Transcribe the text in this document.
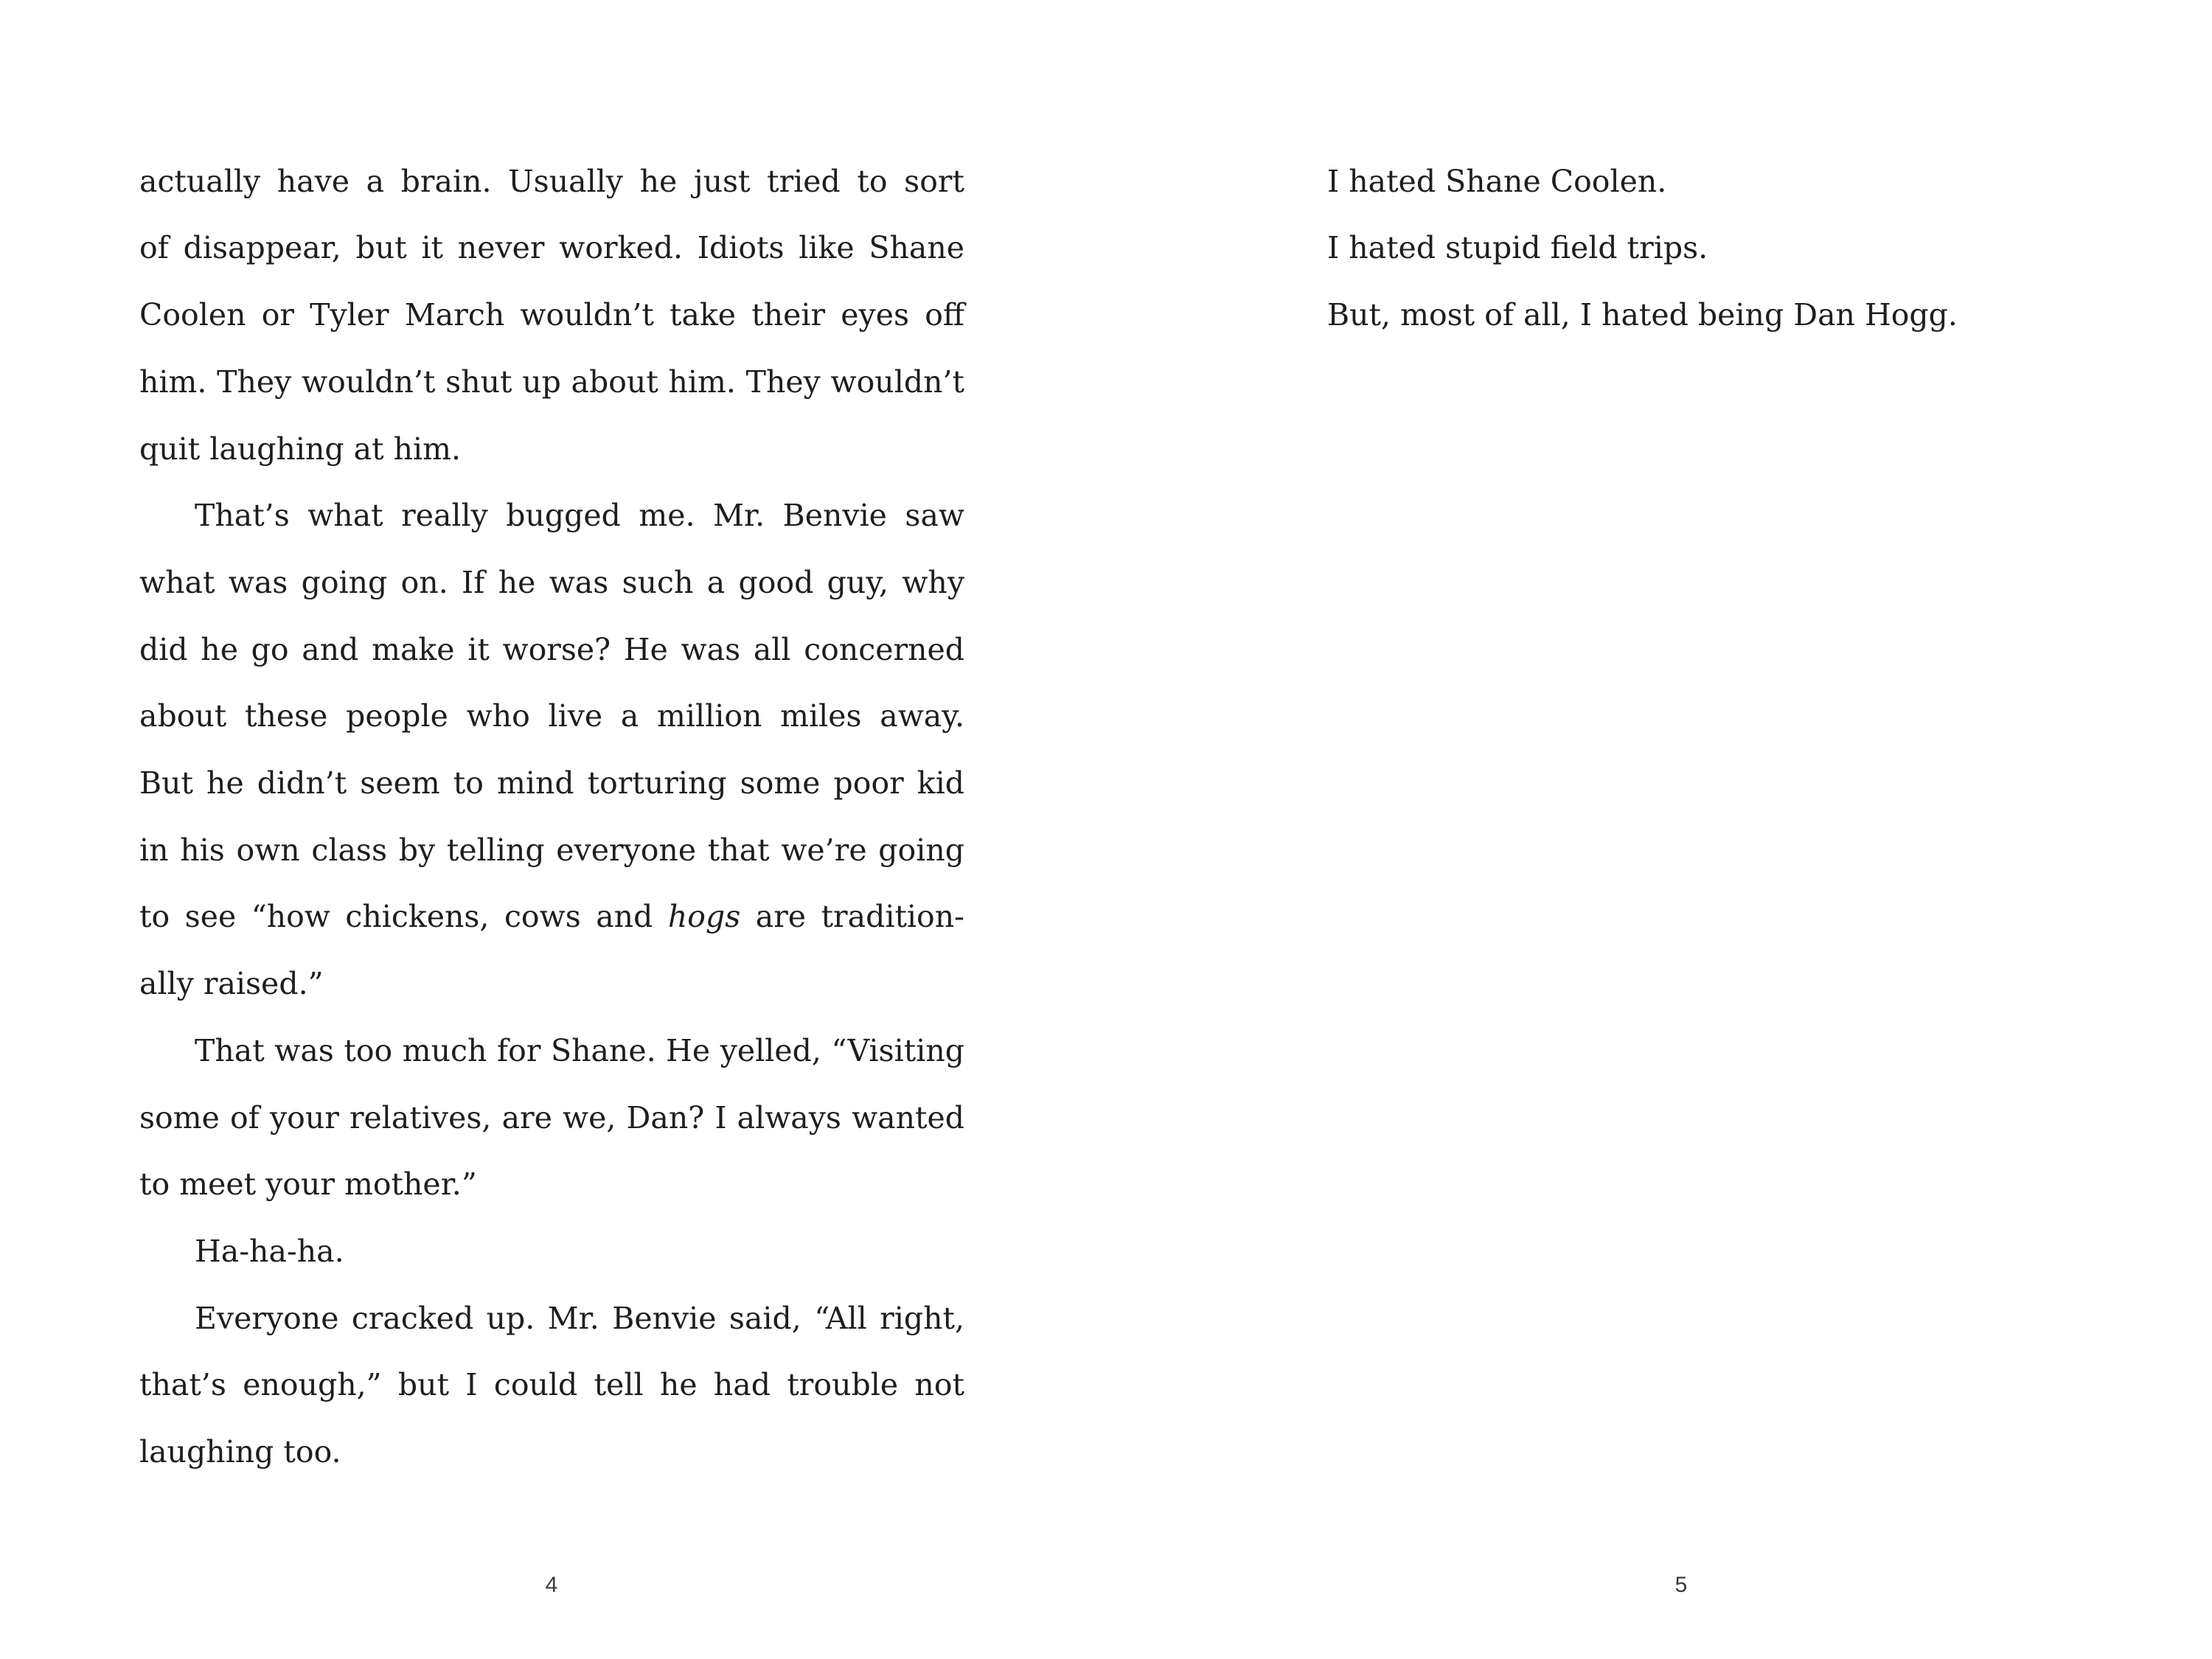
actually have a brain. Usually he just tried to sort

of disappear, but it never worked. Idiots like Shane

Coolen or Tyler March wouldn’t take their eyes off

him. They wouldn’t shut up about him. They wouldn’t

quit laughing at him.

That’s what really bugged me. Mr. Benvie saw

what was going on. If he was such a good guy, why

did he go and make it worse? He was all concerned

about these people who live a million miles away.

But he didn’t seem to mind torturing some poor kid

in his own class by telling everyone that we’re going

to see “how chickens, cows and hogs are tradition-

ally raised.”

That was too much for Shane. He yelled, “Visiting

some of your relatives, are we, Dan? I always wanted

to meet your mother.”

Ha-ha-ha.

Everyone cracked up. Mr. Benvie said, “All right,

that’s enough,” but I could tell he had trouble not

laughing too.

4

I hated Shane Coolen.

I hated stupid field trips.

But, most of all, I hated being Dan Hogg.

5
